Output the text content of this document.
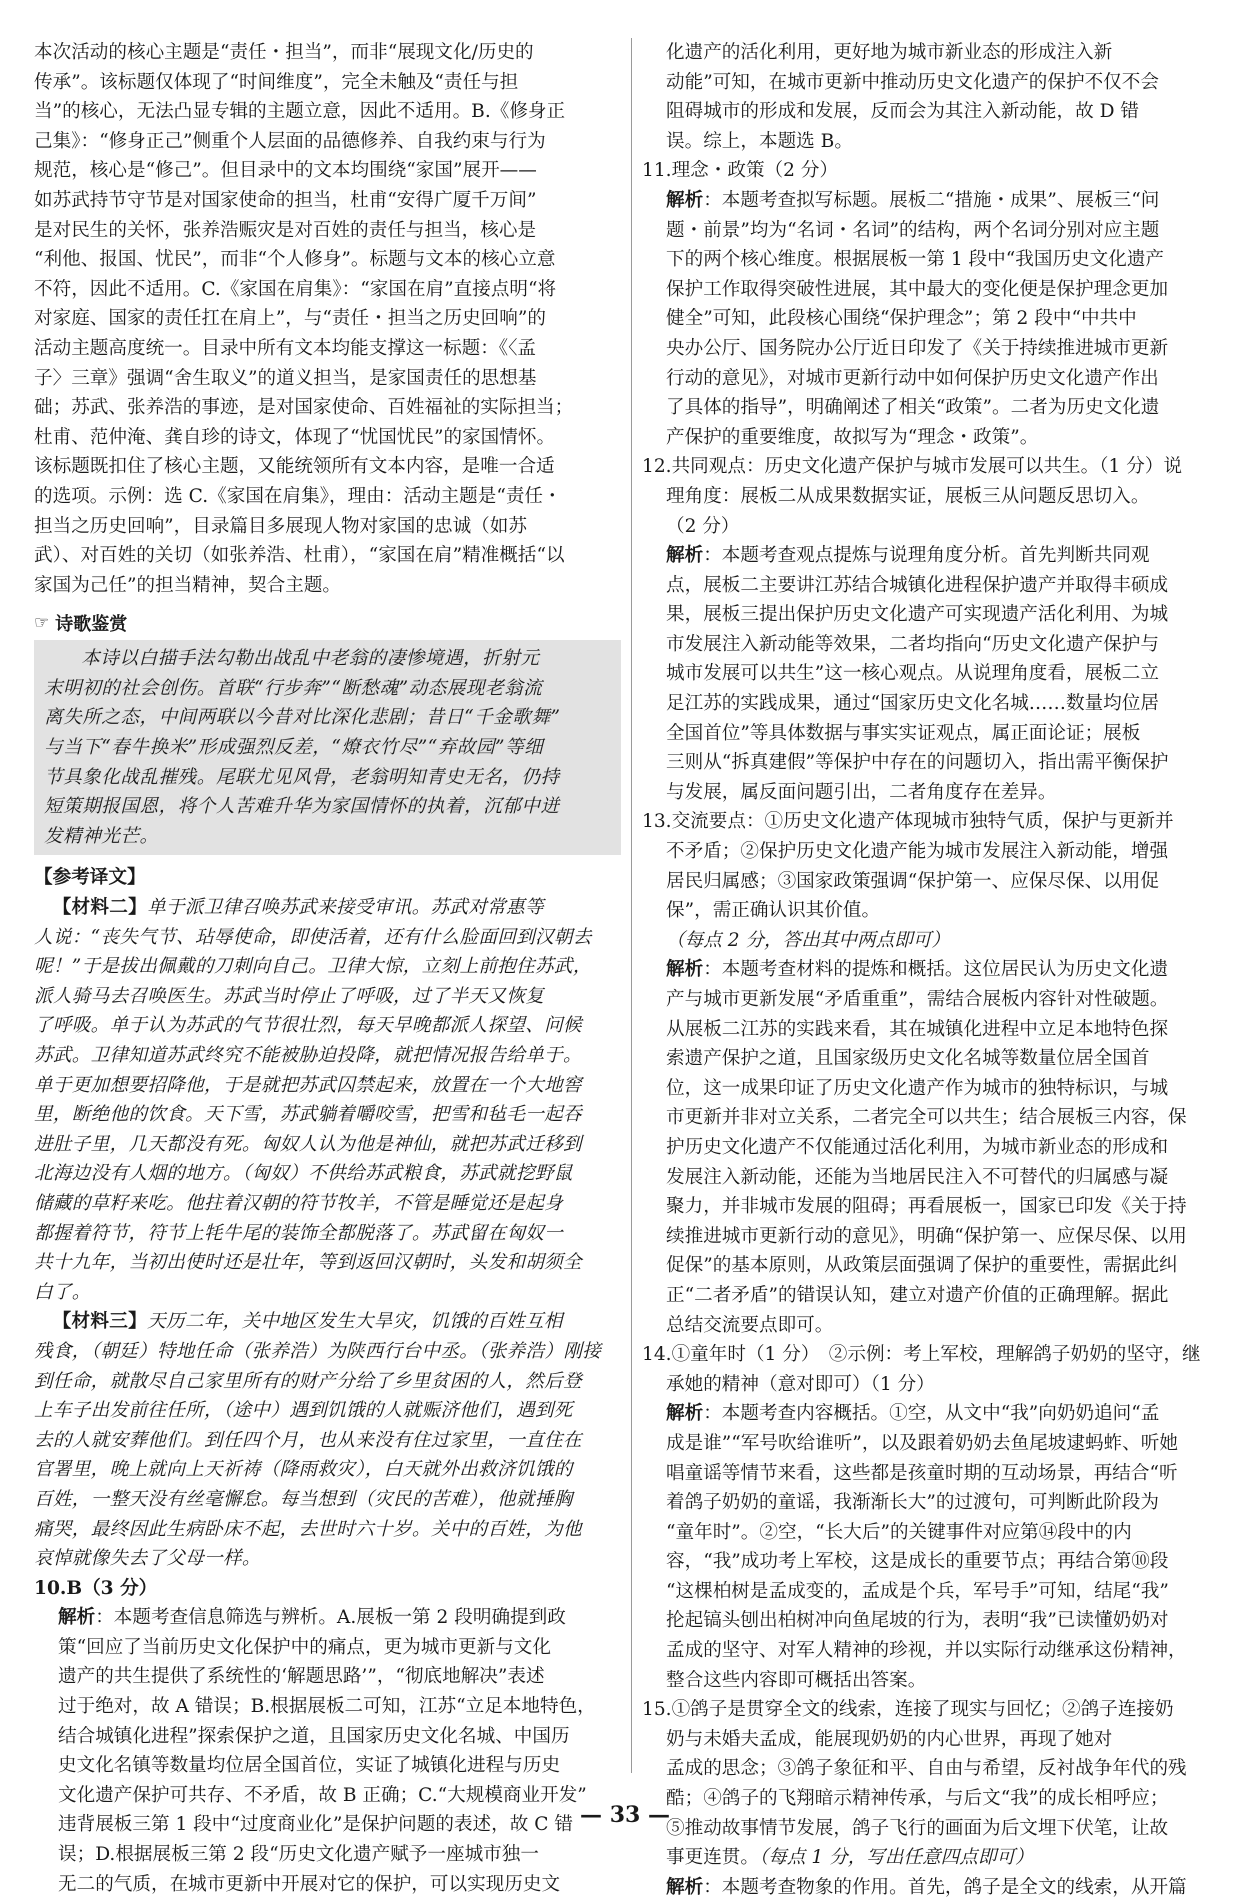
本次活动的核心主题是“责任・担当”，而非“展现文化/历史的
传承”。该标题仅体现了“时间维度”，完全未触及“责任与担
当”的核心，无法凸显专辑的主题立意，因此不适用。B.《修身正
己集》：“修身正己”侧重个人层面的品德修养、自我约束与行为
规范，核心是“修己”。但目录中的文本均围绕“家国”展开——
如苏武持节守节是对国家使命的担当，杜甫“安得广厦千万间”
是对民生的关怀，张养浩赈灾是对百姓的责任与担当，核心是
“利他、报国、忧民”，而非“个人修身”。标题与文本的核心立意
不符，因此不适用。C.《家国在肩集》：“家国在肩”直接点明“将
对家庭、国家的责任扛在肩上”，与“责任・担当之历史回响”的
活动主题高度统一。目录中所有文本均能支撑这一标题：《〈孟
子〉三章》强调“舍生取义”的道义担当，是家国责任的思想基
础；苏武、张养浩的事迹，是对国家使命、百姓福祉的实际担当；
杜甫、范仲淹、龚自珍的诗文，体现了“忧国忧民”的家国情怀。
该标题既扣住了核心主题，又能统领所有文本内容，是唯一合适
的选项。示例：选 C.《家国在肩集》，理由：活动主题是“责任・
担当之历史回响”，目录篇目多展现人物对家国的忠诚（如苏
武）、对百姓的关切（如张养浩、杜甫），“家国在肩”精准概括“以
家国为己任”的担当精神，契合主题。
☞ 诗歌鉴赏
本诗以白描手法勾勒出战乱中老翁的凄惨境遇，折射元
末明初的社会创伤。首联“行步奔”“断愁魂”动态展现老翁流
离失所之态，中间两联以今昔对比深化悲剧；昔日“千金歌舞”
与当下“春牛换米”形成强烈反差，“燎衣竹尽”“弃故园”等细
节具象化战乱摧残。尾联尤见风骨，老翁明知青史无名，仍持
短策期报国恩，将个人苦难升华为家国情怀的执着，沉郁中迸
发精神光芒。
【参考译文】
【材料二】单于派卫律召唤苏武来接受审讯。苏武对常惠等
人说：“丧失气节、玷辱使命，即使活着，还有什么脸面回到汉朝去
呢！”于是拔出佩戴的刀刺向自己。卫律大惊，立刻上前抱住苏武，
派人骑马去召唤医生。苏武当时停止了呼吸，过了半天又恢复
了呼吸。单于认为苏武的气节很壮烈，每天早晚都派人探望、问候
苏武。卫律知道苏武终究不能被胁迫投降，就把情况报告给单于。
单于更加想要招降他，于是就把苏武囚禁起来，放置在一个大地窖
里，断绝他的饮食。天下雪，苏武躺着嚼咬雪，把雪和毡毛一起吞
进肚子里，几天都没有死。匈奴人认为他是神仙，就把苏武迁移到
北海边没有人烟的地方。（匈奴）不供给苏武粮食，苏武就挖野鼠
储藏的草籽来吃。他拄着汉朝的符节牧羊，不管是睡觉还是起身
都握着符节，符节上牦牛尾的装饰全都脱落了。苏武留在匈奴一
共十九年，当初出使时还是壮年，等到返回汉朝时，头发和胡须全
白了。
【材料三】天历二年，关中地区发生大旱灾，饥饿的百姓互相
残食，（朝廷）特地任命（张养浩）为陕西行台中丞。（张养浩）刚接
到任命，就散尽自己家里所有的财产分给了乡里贫困的人，然后登
上车子出发前往任所，（途中）遇到饥饿的人就赈济他们，遇到死
去的人就安葬他们。到任四个月，也从来没有住过家里，一直住在
官署里，晚上就向上天祈祷（降雨救灾），白天就外出救济饥饿的
百姓，一整天没有丝毫懈怠。每当想到（灾民的苦难），他就捶胸
痛哭，最终因此生病卧床不起，去世时六十岁。关中的百姓，为他
哀悼就像失去了父母一样。
10.B（3 分）
解析：本题考查信息筛选与辨析。A.展板一第 2 段明确提到政
策“回应了当前历史文化保护中的痛点，更为城市更新与文化
遗产的共生提供了系统性的‘解题思路’”，“彻底地解决”表述
过于绝对，故 A 错误；B.根据展板二可知，江苏“立足本地特色，
结合城镇化进程”探索保护之道，且国家历史文化名城、中国历
史文化名镇等数量均位居全国首位，实证了城镇化进程与历史
文化遗产保护可共存、不矛盾，故 B 正确；C.“大规模商业开发”
违背展板三第 1 段中“过度商业化”是保护问题的表述，故 C 错
误；D.根据展板三第 2 段“历史文化遗产赋予一座城市独一
无二的气质，在城市更新中开展对它的保护，可以实现历史文
化遗产的活化利用，更好地为城市新业态的形成注入新
动能”可知，在城市更新中推动历史文化遗产的保护不仅不会
阻碍城市的形成和发展，反而会为其注入新动能，故 D 错
误。综上，本题选 B。
11.理念・政策（2 分）
解析：本题考查拟写标题。展板二“措施・成果”、展板三“问
题・前景”均为“名词・名词”的结构，两个名词分别对应主题
下的两个核心维度。根据展板一第 1 段中“我国历史文化遗产
保护工作取得突破性进展，其中最大的变化便是保护理念更加
健全”可知，此段核心围绕“保护理念”；第 2 段中“中共中
央办公厅、国务院办公厅近日印发了《关于持续推进城市更新
行动的意见》，对城市更新行动中如何保护历史文化遗产作出
了具体的指导”，明确阐述了相关“政策”。二者为历史文化遗
产保护的重要维度，故拟写为“理念・政策”。
12.共同观点：历史文化遗产保护与城市发展可以共生。（1 分）说
理角度：展板二从成果数据实证，展板三从问题反思切入。
（2 分）
解析：本题考查观点提炼与说理角度分析。首先判断共同观
点，展板二主要讲江苏结合城镇化进程保护遗产并取得丰硕成
果，展板三提出保护历史文化遗产可实现遗产活化利用、为城
市发展注入新动能等效果，二者均指向“历史文化遗产保护与
城市发展可以共生”这一核心观点。从说理角度看，展板二立
足江苏的实践成果，通过“国家历史文化名城……数量均位居
全国首位”等具体数据与事实实证观点，属正面论证；展板
三则从“拆真建假”等保护中存在的问题切入，指出需平衡保护
与发展，属反面问题引出，二者角度存在差异。
13.交流要点：①历史文化遗产体现城市独特气质，保护与更新并
不矛盾；②保护历史文化遗产能为城市发展注入新动能，增强
居民归属感；③国家政策强调“保护第一、应保尽保、以用促
保”，需正确认识其价值。
（每点 2 分，答出其中两点即可）
解析：本题考查材料的提炼和概括。这位居民认为历史文化遗
产与城市更新发展“矛盾重重”，需结合展板内容针对性破题。
从展板二江苏的实践来看，其在城镇化进程中立足本地特色探
索遗产保护之道，且国家级历史文化名城等数量位居全国首
位，这一成果印证了历史文化遗产作为城市的独特标识，与城
市更新并非对立关系，二者完全可以共生；结合展板三内容，保
护历史文化遗产不仅能通过活化利用，为城市新业态的形成和
发展注入新动能，还能为当地居民注入不可替代的归属感与凝
聚力，并非城市发展的阻碍；再看展板一，国家已印发《关于持
续推进城市更新行动的意见》，明确“保护第一、应保尽保、以用
促保”的基本原则，从政策层面强调了保护的重要性，需据此纠
正“二者矛盾”的错误认知，建立对遗产价值的正确理解。据此
总结交流要点即可。
14.①童年时（1 分）　②示例：考上军校，理解鸽子奶奶的坚守，继
承她的精神（意对即可）（1 分）
解析：本题考查内容概括。①空，从文中“我”向奶奶追问“孟
成是谁”“军号吹给谁听”，以及跟着奶奶去鱼尾坡逮蚂蚱、听她
唱童谣等情节来看，这些都是孩童时期的互动场景，再结合“听
着鸽子奶奶的童谣，我渐渐长大”的过渡句，可判断此阶段为
“童年时”。②空，“长大后”的关键事件对应第⑭段中的内
容，“我”成功考上军校，这是成长的重要节点；再结合第⑩段
“这棵柏树是孟成变的，孟成是个兵，军号手”可知，结尾“我”
抡起镐头刨出柏树冲向鱼尾坡的行为，表明“我”已读懂奶奶对
孟成的坚守、对军人精神的珍视，并以实际行动继承这份精神，
整合这些内容即可概括出答案。
15.①鸽子是贯穿全文的线索，连接了现实与回忆；②鸽子连接奶
奶与未婚夫孟成，能展现奶奶的内心世界，再现了她对
孟成的思念；③鸽子象征和平、自由与希望，反衬战争年代的残
酷；④鸽子的飞翔暗示精神传承，与后文“我”的成长相呼应；
⑤推动故事情节发展，鸽子飞行的画面为后文埋下伏笔，让故
事更连贯。（每点 1 分，写出任意四点即可）
解析：本题考查物象的作用。首先，鸽子是全文的线索，从开篇
— 33 —
